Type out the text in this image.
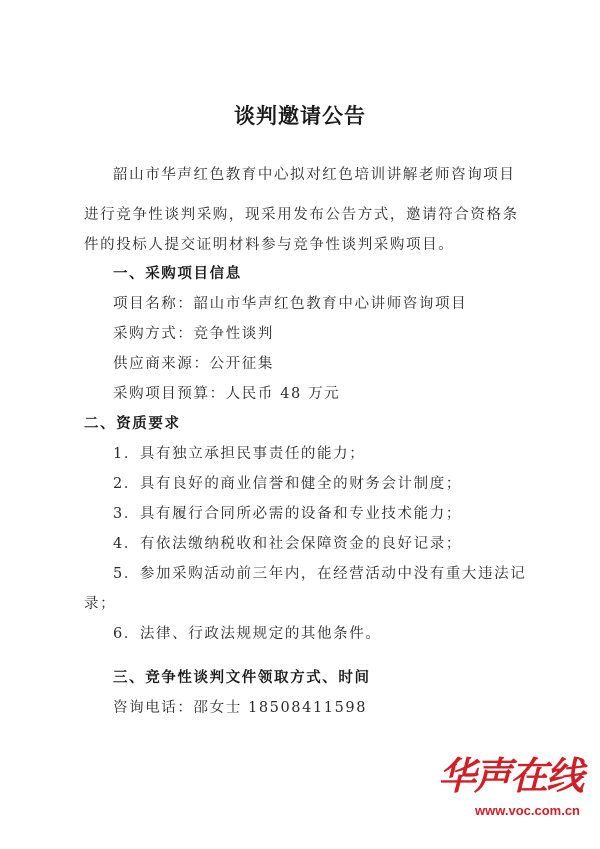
谈判邀请公告
韶山市华声红色教育中心拟对红色培训讲解老师咨询项目
进行竞争性谈判采购，现采用发布公告方式，邀请符合资格条
件的投标人提交证明材料参与竞争性谈判采购项目。
一、采购项目信息
项目名称：韶山市华声红色教育中心讲师咨询项目
采购方式：竞争性谈判
供应商来源：公开征集
采购项目预算：人民币 48 万元
二、资质要求
1．具有独立承担民事责任的能力；
2．具有良好的商业信誉和健全的财务会计制度；
3．具有履行合同所必需的设备和专业技术能力；
4．有依法缴纳税收和社会保障资金的良好记录；
5．参加采购活动前三年内，在经营活动中没有重大违法记
录；
6．法律、行政法规规定的其他条件。
三、竞争性谈判文件领取方式、时间
咨询电话：邵女士 18508411598
华声在线
www.voc.com.cn
